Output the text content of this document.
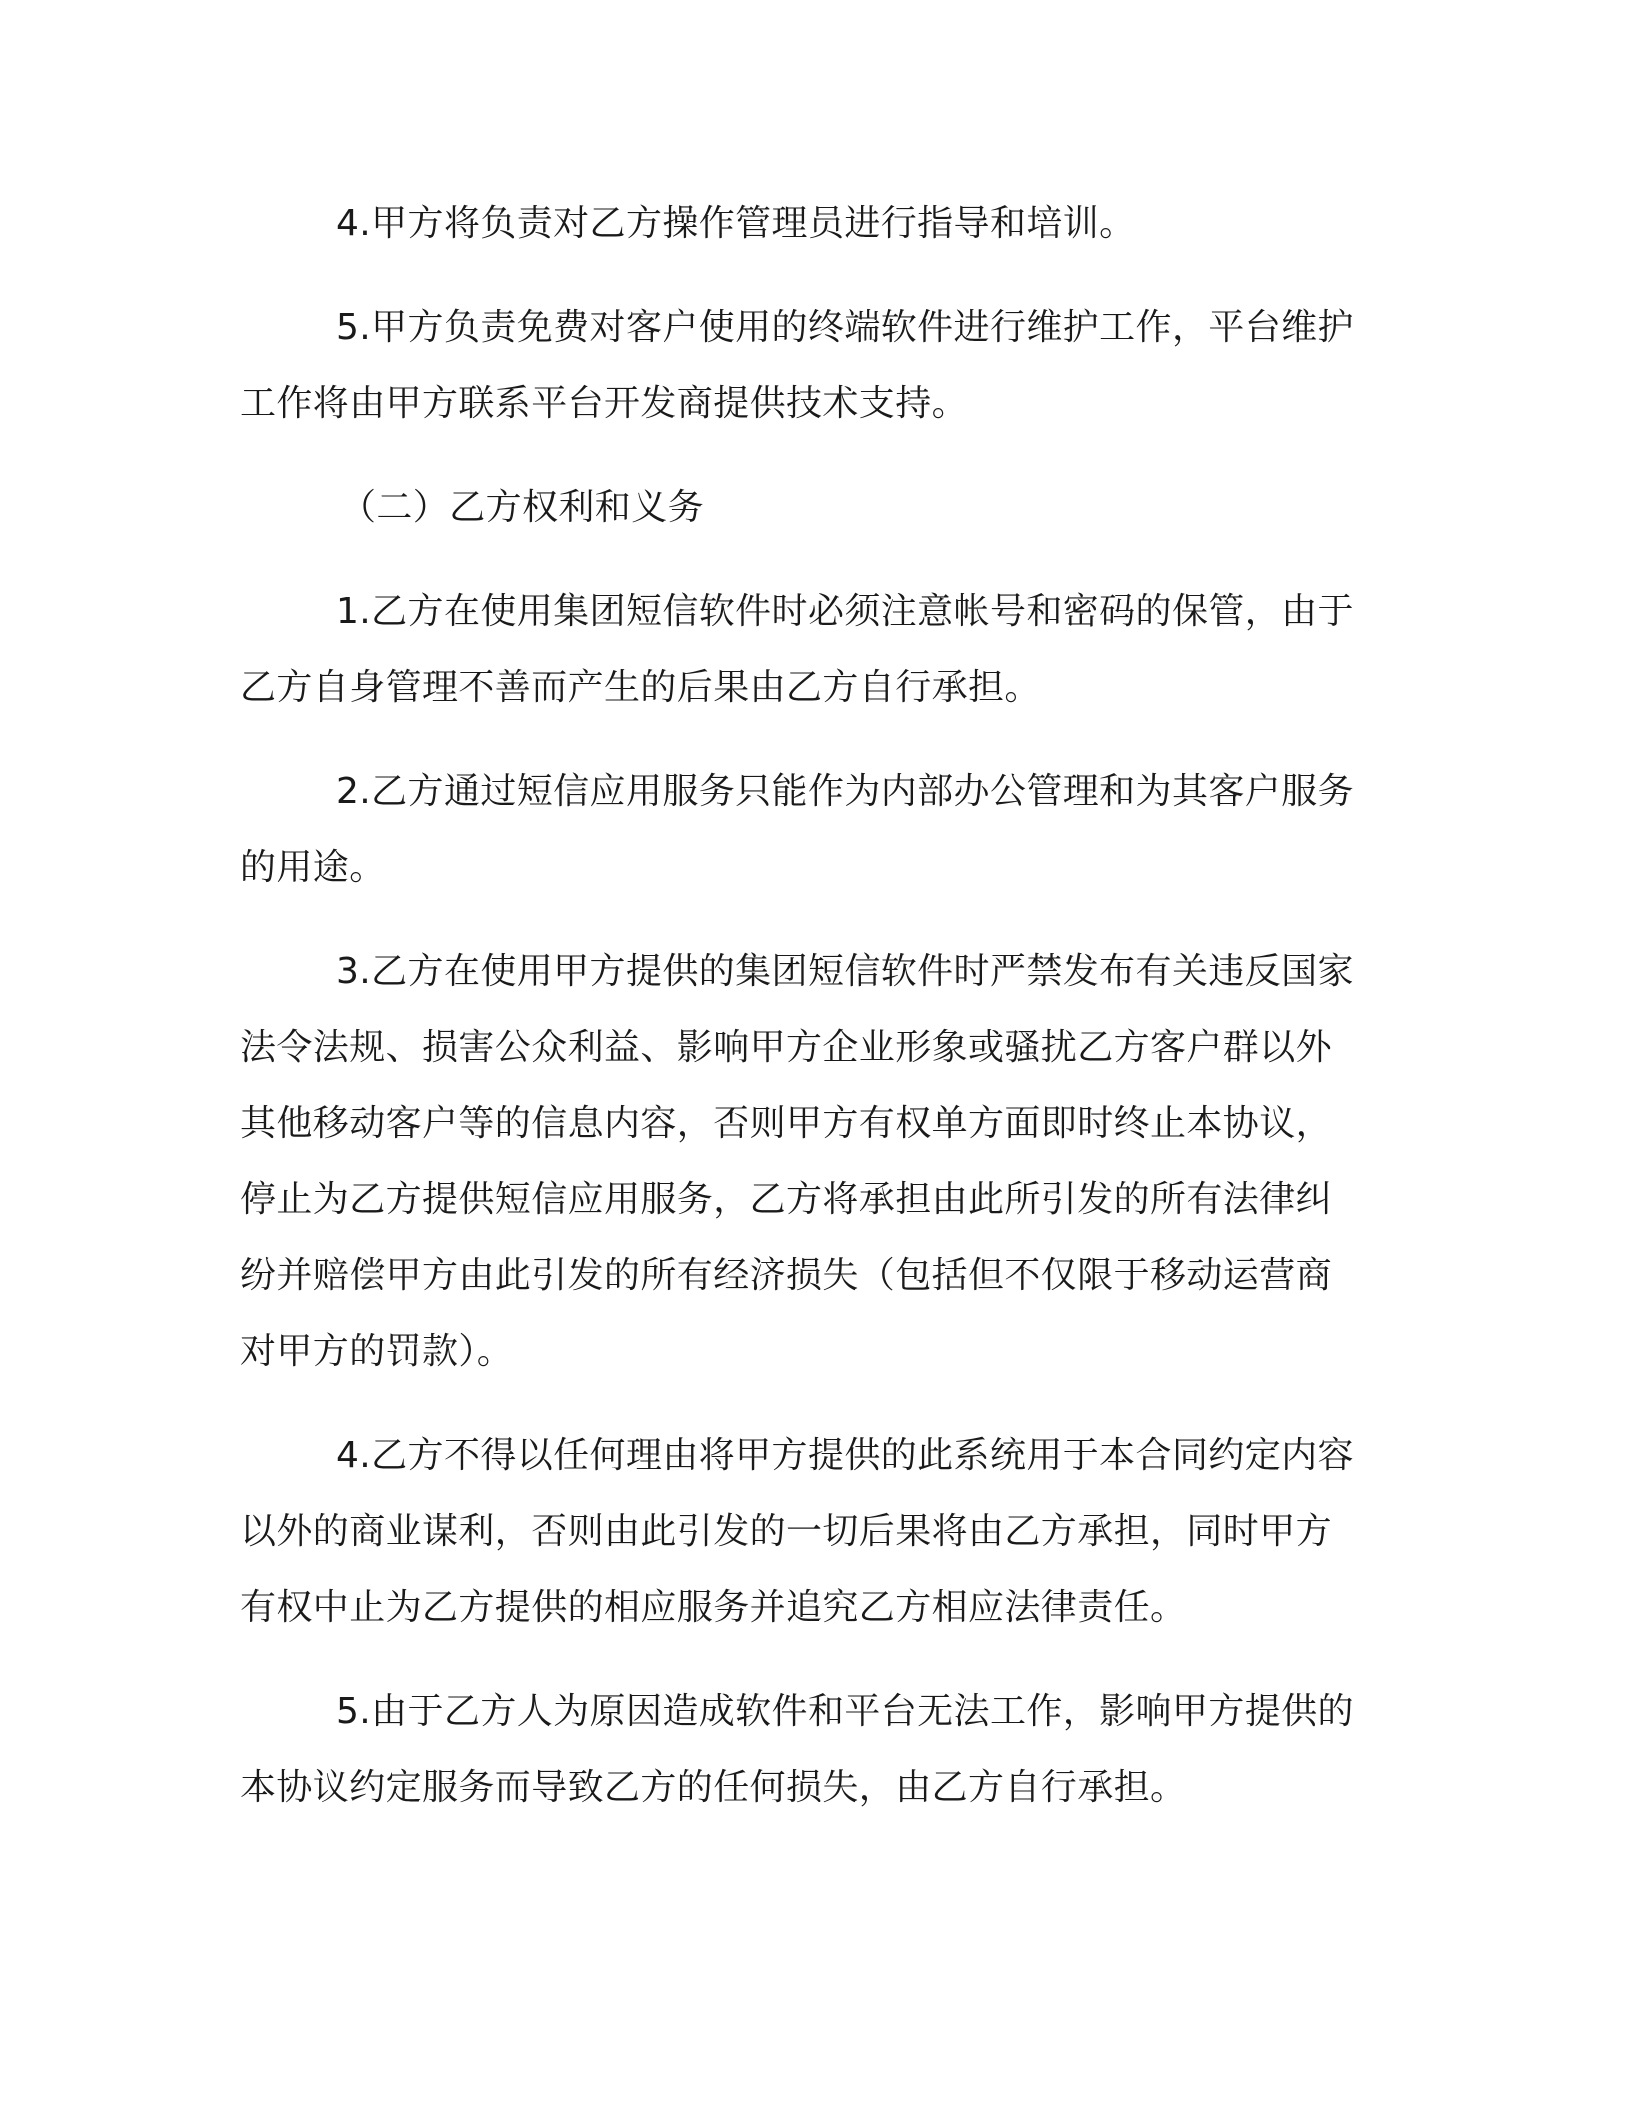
4.甲方将负责对乙方操作管理员进行指导和培训。
5.甲方负责免费对客户使用的终端软件进行维护工作，平台维护
工作将由甲方联系平台开发商提供技术支持。
（二）乙方权利和义务
1.乙方在使用集团短信软件时必须注意帐号和密码的保管，由于
乙方自身管理不善而产生的后果由乙方自行承担。
2.乙方通过短信应用服务只能作为内部办公管理和为其客户服务
的用途。
3.乙方在使用甲方提供的集团短信软件时严禁发布有关违反国家
法令法规、损害公众利益、影响甲方企业形象或骚扰乙方客户群以外
其他移动客户等的信息内容，否则甲方有权单方面即时终止本协议，
停止为乙方提供短信应用服务，乙方将承担由此所引发的所有法律纠
纷并赔偿甲方由此引发的所有经济损失（包括但不仅限于移动运营商
对甲方的罚款）。
4.乙方不得以任何理由将甲方提供的此系统用于本合同约定内容
以外的商业谋利，否则由此引发的一切后果将由乙方承担，同时甲方
有权中止为乙方提供的相应服务并追究乙方相应法律责任。
5.由于乙方人为原因造成软件和平台无法工作，影响甲方提供的
本协议约定服务而导致乙方的任何损失，由乙方自行承担。
